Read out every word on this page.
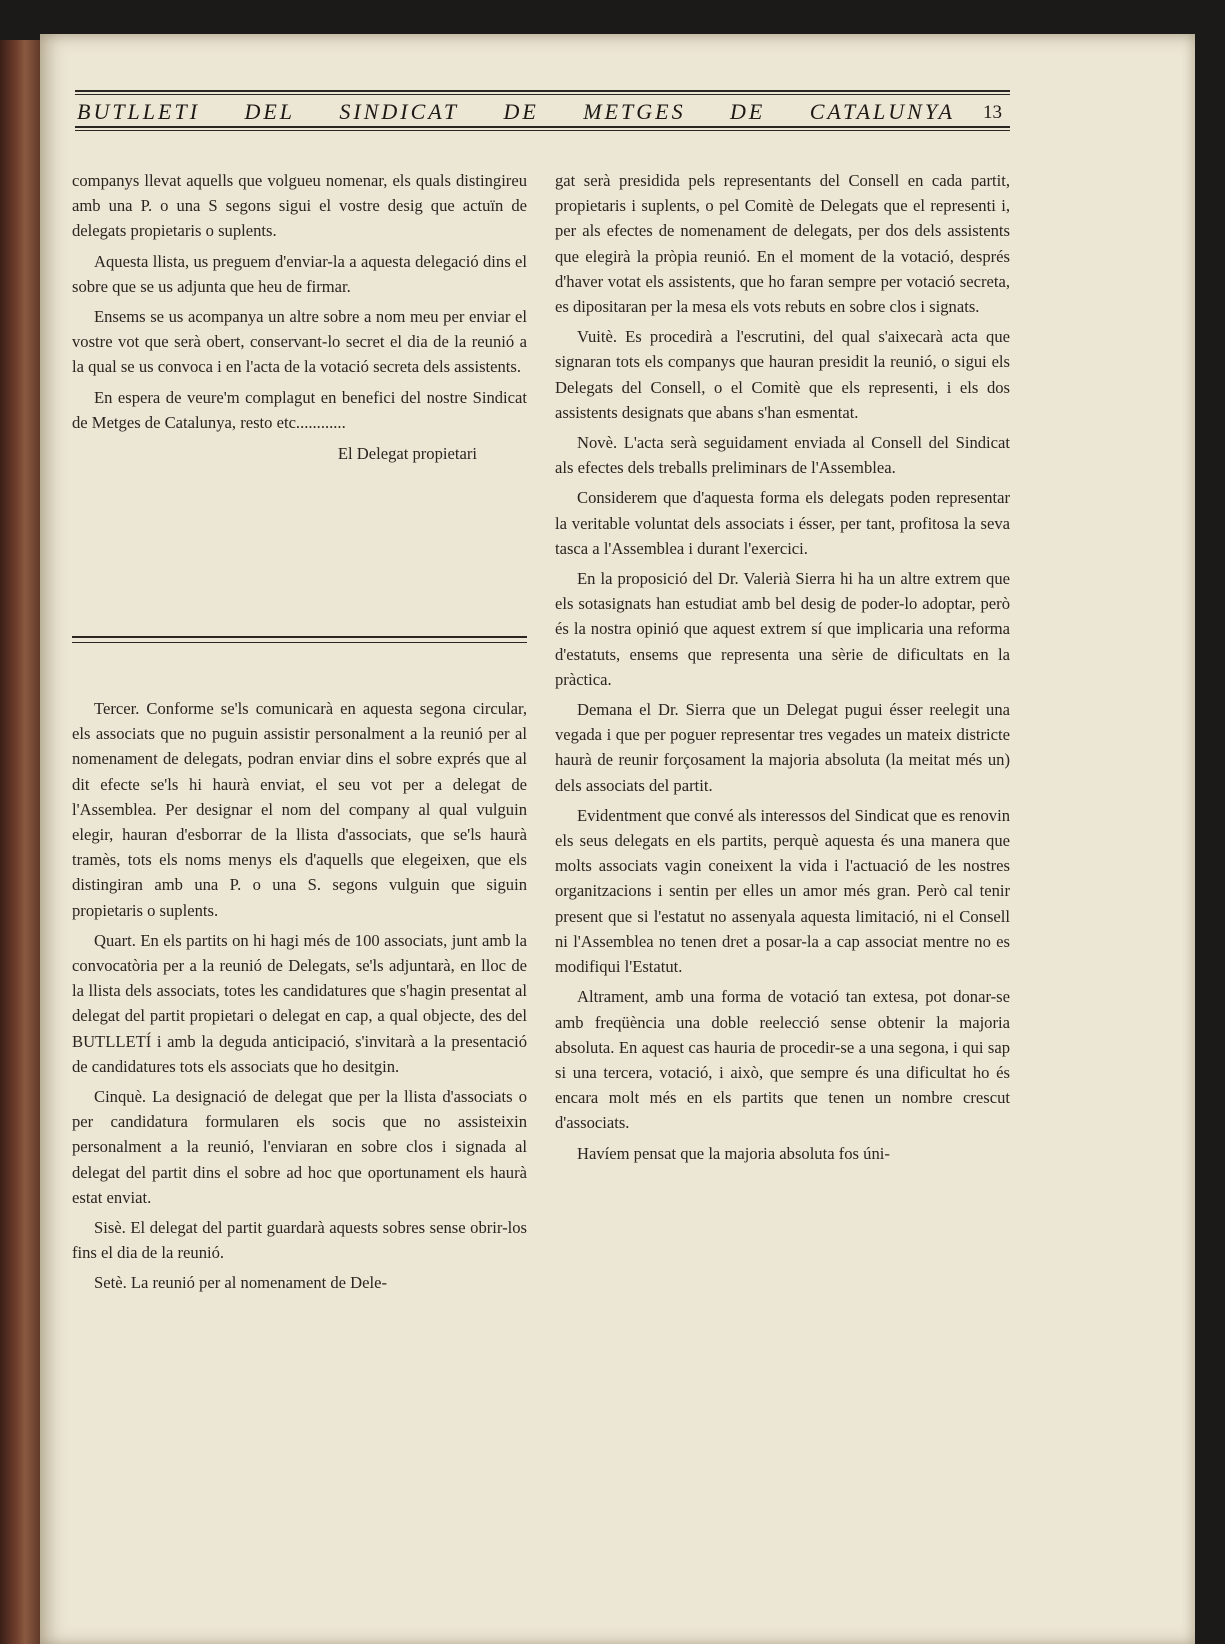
BUTLLETI DEL SINDICAT DE METGES DE CATALUNYA 13

companys llevat aquells que volgueu nomenar, els quals distingireu amb una P. o una S segons sigui el vostre desig que actuïn de delegats propietaris o suplents.

Aquesta llista, us preguem d'enviar-la a aquesta delegació dins el sobre que se us adjunta que heu de firmar.

Ensems se us acompanya un altre sobre a nom meu per enviar el vostre vot que serà obert, conservant-lo secret el dia de la reunió a la qual se us convoca i en l'acta de la votació secreta dels assistents.

En espera de veure'm complagut en benefici del nostre Sindicat de Metges de Catalunya, resto etc............

El Delegat propietari

Tercer. Conforme se'ls comunicarà en aquesta segona circular, els associats que no puguin assistir personalment a la reunió per al nomenament de delegats, podran enviar dins el sobre exprés que al dit efecte se'ls hi haurà enviat, el seu vot per a delegat de l'Assemblea. Per designar el nom del company al qual vulguin elegir, hauran d'esborrar de la llista d'associats, que se'ls haurà tramès, tots els noms menys els d'aquells que elegeixen, que els distingiran amb una P. o una S. segons vulguin que siguin propietaris o suplents.

Quart. En els partits on hi hagi més de 100 associats, junt amb la convocatòria per a la reunió de Delegats, se'ls adjuntarà, en lloc de la llista dels associats, totes les candidatures que s'hagin presentat al delegat del partit propietari o delegat en cap, a qual objecte, des del BUTLLETÍ i amb la deguda anticipació, s'invitarà a la presentació de candidatures tots els associats que ho desitgin.

Cinquè. La designació de delegat que per la llista d'associats o per candidatura formularen els socis que no assisteixin personalment a la reunió, l'enviaran en sobre clos i signada al delegat del partit dins el sobre ad hoc que oportunament els haurà estat enviat.

Sisè. El delegat del partit guardarà aquests sobres sense obrir-los fins el dia de la reunió.

Setè. La reunió per al nomenament de Dele-

gat serà presidida pels representants del Consell en cada partit, propietaris i suplents, o pel Comitè de Delegats que el representi i, per als efectes de nomenament de delegats, per dos dels assistents que elegirà la pròpia reunió. En el moment de la votació, després d'haver votat els assistents, que ho faran sempre per votació secreta, es dipositaran per la mesa els vots rebuts en sobre clos i signats.

Vuitè. Es procedirà a l'escrutini, del qual s'aixecarà acta que signaran tots els companys que hauran presidit la reunió, o sigui els Delegats del Consell, o el Comitè que els representi, i els dos assistents designats que abans s'han esmentat.

Novè. L'acta serà seguidament enviada al Consell del Sindicat als efectes dels treballs preliminars de l'Assemblea.

Considerem que d'aquesta forma els delegats poden representar la veritable voluntat dels associats i ésser, per tant, profitosa la seva tasca a l'Assemblea i durant l'exercici.

En la proposició del Dr. Valerià Sierra hi ha un altre extrem que els sotasignats han estudiat amb bel desig de poder-lo adoptar, però és la nostra opinió que aquest extrem sí que implicaria una reforma d'estatuts, ensems que representa una sèrie de dificultats en la pràctica.

Demana el Dr. Sierra que un Delegat pugui ésser reelegit una vegada i que per poguer representar tres vegades un mateix districte haurà de reunir forçosament la majoria absoluta (la meitat més un) dels associats del partit.

Evidentment que convé als interessos del Sindicat que es renovin els seus delegats en els partits, perquè aquesta és una manera que molts associats vagin coneixent la vida i l'actuació de les nostres organitzacions i sentin per elles un amor més gran. Però cal tenir present que si l'estatut no assenyala aquesta limitació, ni el Consell ni l'Assemblea no tenen dret a posar-la a cap associat mentre no es modifiqui l'Estatut.

Altrament, amb una forma de votació tan extesa, pot donar-se amb freqüència una doble reelecció sense obtenir la majoria absoluta. En aquest cas hauria de procedir-se a una segona, i qui sap si una tercera, votació, i això, que sempre és una dificultat ho és encara molt més en els partits que tenen un nombre crescut d'associats.

Havíem pensat que la majoria absoluta fos úni-
